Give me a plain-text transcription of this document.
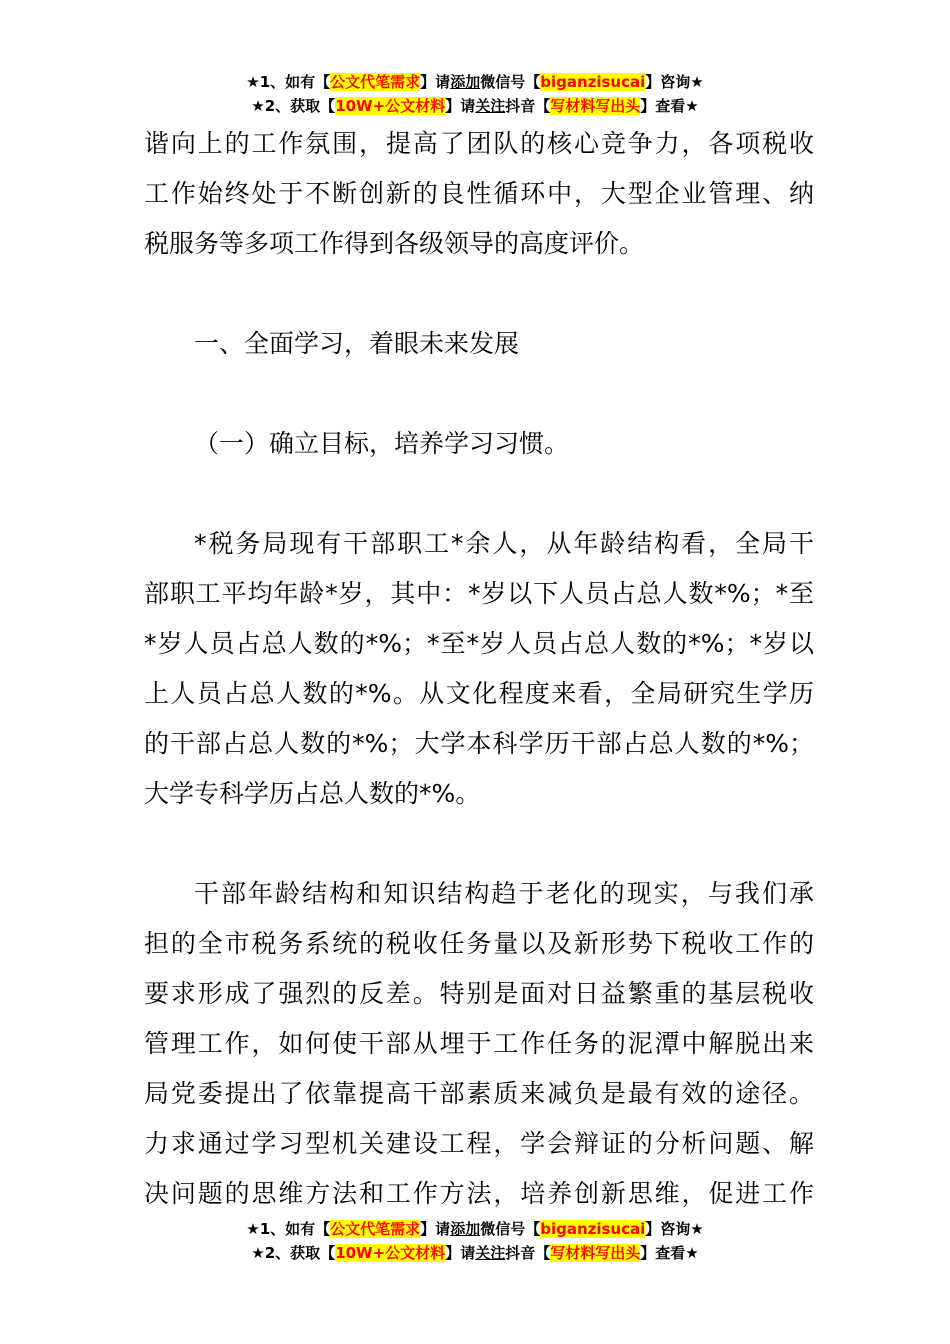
★1、如有【公文代笔需求】请添加微信号【biganzisucai】咨询★
★2、获取【10W+公文材料】请关注抖音【写材料写出头】查看★
谐向上的工作氛围，提高了团队的核心竞争力，各项税收
工作始终处于不断创新的良性循环中，大型企业管理、纳
税服务等多项工作得到各级领导的高度评价。
一、全面学习，着眼未来发展
（一）确立目标，培养学习习惯。
*税务局现有干部职工*余人，从年龄结构看，全局干
部职工平均年龄*岁，其中：*岁以下人员占总人数*%；*至
*岁人员占总人数的*%；*至*岁人员占总人数的*%；*岁以
上人员占总人数的*%。从文化程度来看，全局研究生学历
的干部占总人数的*%；大学本科学历干部占总人数的*%；
大学专科学历占总人数的*%。
干部年龄结构和知识结构趋于老化的现实，与我们承
担的全市税务系统的税收任务量以及新形势下税收工作的
要求形成了强烈的反差。特别是面对日益繁重的基层税收
管理工作，如何使干部从埋于工作任务的泥潭中解脱出来
局党委提出了依靠提高干部素质来减负是最有效的途径。
力求通过学习型机关建设工程，学会辩证的分析问题、解
决问题的思维方法和工作方法，培养创新思维，促进工作
★1、如有【公文代笔需求】请添加微信号【biganzisucai】咨询★
★2、获取【10W+公文材料】请关注抖音【写材料写出头】查看★
